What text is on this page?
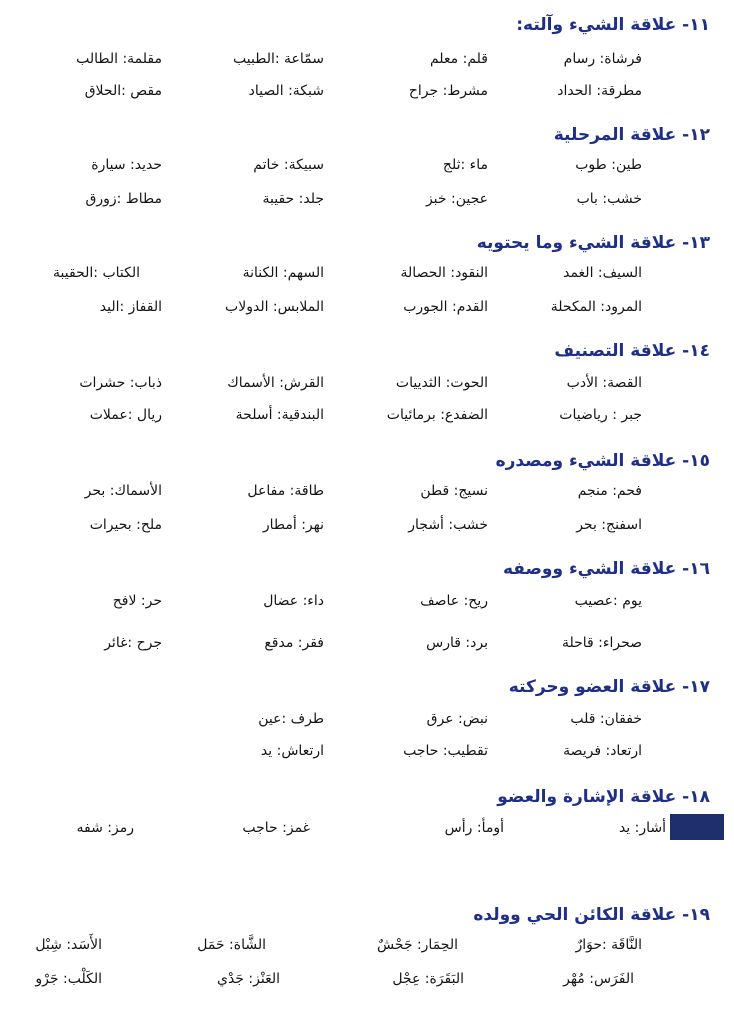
١١- علاقة الشيء وآلته:
فرشاة: رسام
قلم: معلم
سمّاعة :الطبيب
مقلمة: الطالب
مطرقة: الحداد
مشرط: جراح
شبكة: الصياد
مقص :الحلاق
١٢- علاقة المرحلية
طين: طوب
ماء :ثلج
سبيكة: خاتم
حديد: سيارة
خشب: باب
عجين: خبز
جلد: حقيبة
مطاط :زورق
١٣- علاقة الشيء وما يحتويه
السيف: الغمد
النقود: الحصالة
السهم: الكنانة
الكتاب :الحقيبة
المرود: المكحلة
القدم: الجورب
الملابس: الدولاب
القفاز :اليد
١٤- علاقة التصنيف
القصة: الأدب
الحوت: الثدييات
القرش: الأسماك
ذباب: حشرات
جبر : رياضيات
الضفدع: برمائيات
البندقية: أسلحة
ريال :عملات
١٥- علاقة الشيء ومصدره
فحم: منجم
نسيج: قطن
طاقة: مفاعل
الأسماك: بحر
اسفنج: بحر
خشب: أشجار
نهر: أمطار
ملح: بحيرات
١٦- علاقة الشيء ووصفه
يوم :عصيب
ريح: عاصف
داء: عضال
حر: لافح
صحراء: قاحلة
برد: قارس
فقر: مدقع
جرح :غائر
١٧- علاقة العضو وحركته
خفقان: قلب
نبض: عرق
طرف :عين
ارتعاد: فريصة
تقطيب: حاجب
ارتعاش: يد
١٨- علاقة الإشارة والعضو
أشار: يد
أومأ: رأس
غمز: حاجب
رمز: شفه
١٩- علاقة الكائن الحي وولده
النَّاقَة :حوَارٌ
الحِمَار: جَحْشٌ
الشَّاة: حَمَل
الأَسَد: شِبْل
الفَرَس: مُهْر
البَقَرَة: عِجْل
العَنْز: جَدْي
الكَلْب: جَرْو
